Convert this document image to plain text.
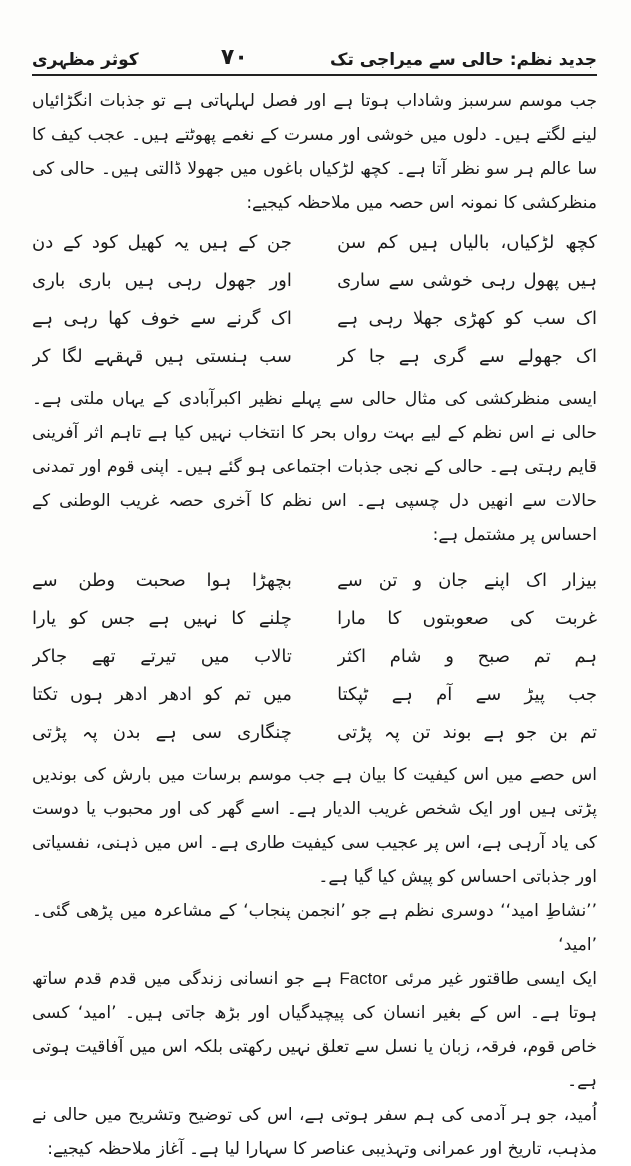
جدید نظم: حالی سے میراجی تک
۷۰
کوثر مظہری

جب موسم سرسبز وشاداب ہوتا ہے اور فصل لہلہاتی ہے تو جذبات انگڑائیاں لینے لگتے ہیں۔ دلوں میں خوشی اور مسرت کے نغمے پھوٹتے ہیں۔ عجب کیف کا سا عالم ہر سو نظر آتا ہے۔ کچھ لڑکیاں باغوں میں جھولا ڈالتی ہیں۔ حالی کی منظرکشی کا نمونہ اس حصہ میں ملاحظہ کیجیے:

کچھ لڑکیاں، بالیاں ہیں کم سن
جن کے ہیں یہ کھیل کود کے دن
ہیں پھول رہی خوشی سے ساری
اور جھول رہی ہیں باری باری
اک سب کو کھڑی جھلا رہی ہے
اک گرنے سے خوف کھا رہی ہے
اک جھولے سے گری ہے جا کر
سب ہنستی ہیں قہقہے لگا کر

ایسی منظرکشی کی مثال حالی سے پہلے نظیر اکبرآبادی کے یہاں ملتی ہے۔ حالی نے اس نظم کے لیے بہت رواں بحر کا انتخاب نہیں کیا ہے تاہم اثر آفرینی قایم رہتی ہے۔ حالی کے نجی جذبات اجتماعی ہو گئے ہیں۔ اپنی قوم اور تمدنی حالات سے انھیں دل چسپی ہے۔ اس نظم کا آخری حصہ غریب الوطنی کے احساس پر مشتمل ہے:

بیزار اک اپنے جان و تن سے
بچھڑا ہوا صحبت وطن سے
غربت کی صعوبتوں کا مارا
چلنے کا نہیں ہے جس کو یارا
ہم تم صبح و شام اکثر
تالاب میں تیرتے تھے جاکر
جب پیڑ سے آم ہے ٹپکتا
میں تم کو ادھر ادھر ہوں تکتا
تم بن جو ہے بوند تن پہ پڑتی
چنگاری سی ہے بدن پہ پڑتی

اس حصے میں اس کیفیت کا بیان ہے جب موسم برسات میں بارش کی بوندیں پڑتی ہیں اور ایک شخص غریب الدیار ہے۔ اسے گھر کی اور محبوب یا دوست کی یاد آرہی ہے، اس پر عجیب سی کیفیت طاری ہے۔ اس میں ذہنی، نفسیاتی اور جذباتی احساس کو پیش کیا گیا ہے۔

’’نشاطِ امید‘‘ دوسری نظم ہے جو ’انجمن پنجاب‘ کے مشاعرہ میں پڑھی گئی۔ ’امید‘

ایک ایسی طاقتور غیر مرئی Factor ہے جو انسانی زندگی میں قدم قدم ساتھ ہوتا ہے۔ اس کے بغیر انسان کی پیچیدگیاں اور بڑھ جاتی ہیں۔ ’امید‘ کسی خاص قوم، فرقہ، زبان یا نسل سے تعلق نہیں رکھتی بلکہ اس میں آفاقیت ہوتی ہے۔

اُمید، جو ہر آدمی کی ہم سفر ہوتی ہے، اس کی توضیح وتشریح میں حالی نے مذہب، تاریخ اور عمرانی وتہذیبی عناصر کا سہارا لیا ہے۔ آغاز ملاحظہ کیجیے:
